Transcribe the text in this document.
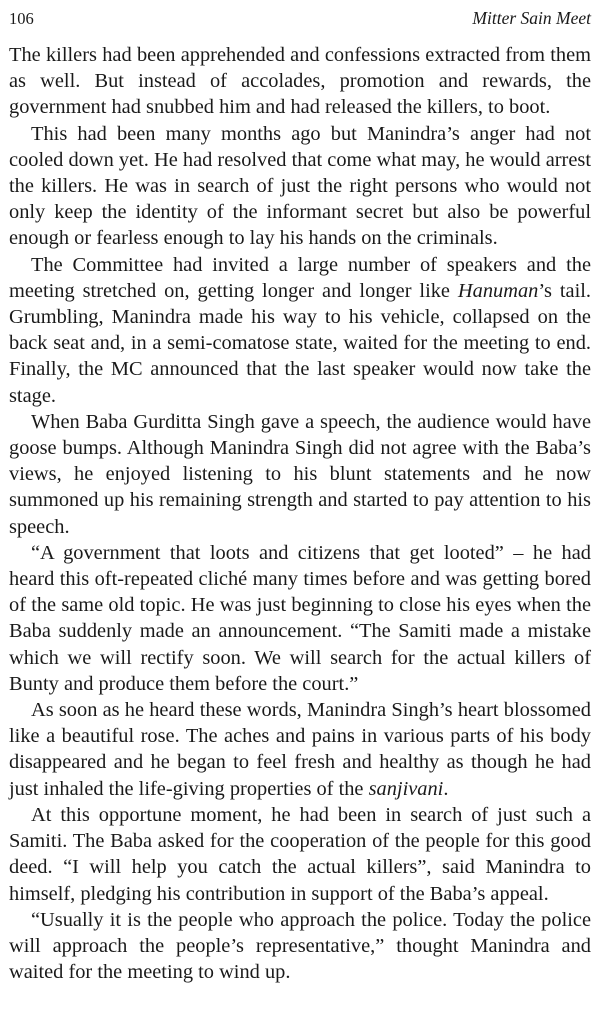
106	Mitter Sain Meet

The killers had been apprehended and confessions extracted from them as well. But instead of accolades, promotion and rewards, the government had snubbed him and had released the killers, to boot.

This had been many months ago but Manindra’s anger had not cooled down yet. He had resolved that come what may, he would arrest the killers. He was in search of just the right persons who would not only keep the identity of the informant secret but also be powerful enough or fearless enough to lay his hands on the criminals.

The Committee had invited a large number of speakers and the meeting stretched on, getting longer and longer like Hanuman’s tail. Grumbling, Manindra made his way to his vehicle, collapsed on the back seat and, in a semi-comatose state, waited for the meeting to end. Finally, the MC announced that the last speaker would now take the stage.

When Baba Gurditta Singh gave a speech, the audience would have goose bumps. Although Manindra Singh did not agree with the Baba’s views, he enjoyed listening to his blunt statements and he now summoned up his remaining strength and started to pay attention to his speech.

“A government that loots and citizens that get looted” – he had heard this oft-repeated cliché many times before and was getting bored of the same old topic. He was just beginning to close his eyes when the Baba suddenly made an announcement. “The Samiti made a mistake which we will rectify soon. We will search for the actual killers of Bunty and produce them before the court.”

As soon as he heard these words, Manindra Singh’s heart blossomed like a beautiful rose. The aches and pains in various parts of his body disappeared and he began to feel fresh and healthy as though he had just inhaled the life-giving properties of the sanjivani.

At this opportune moment, he had been in search of just such a Samiti. The Baba asked for the cooperation of the people for this good deed. “I will help you catch the actual killers”, said Manindra to himself, pledging his contribution in support of the Baba’s appeal.

“Usually it is the people who approach the police. Today the police will approach the people’s representative,” thought Manindra and waited for the meeting to wind up.
